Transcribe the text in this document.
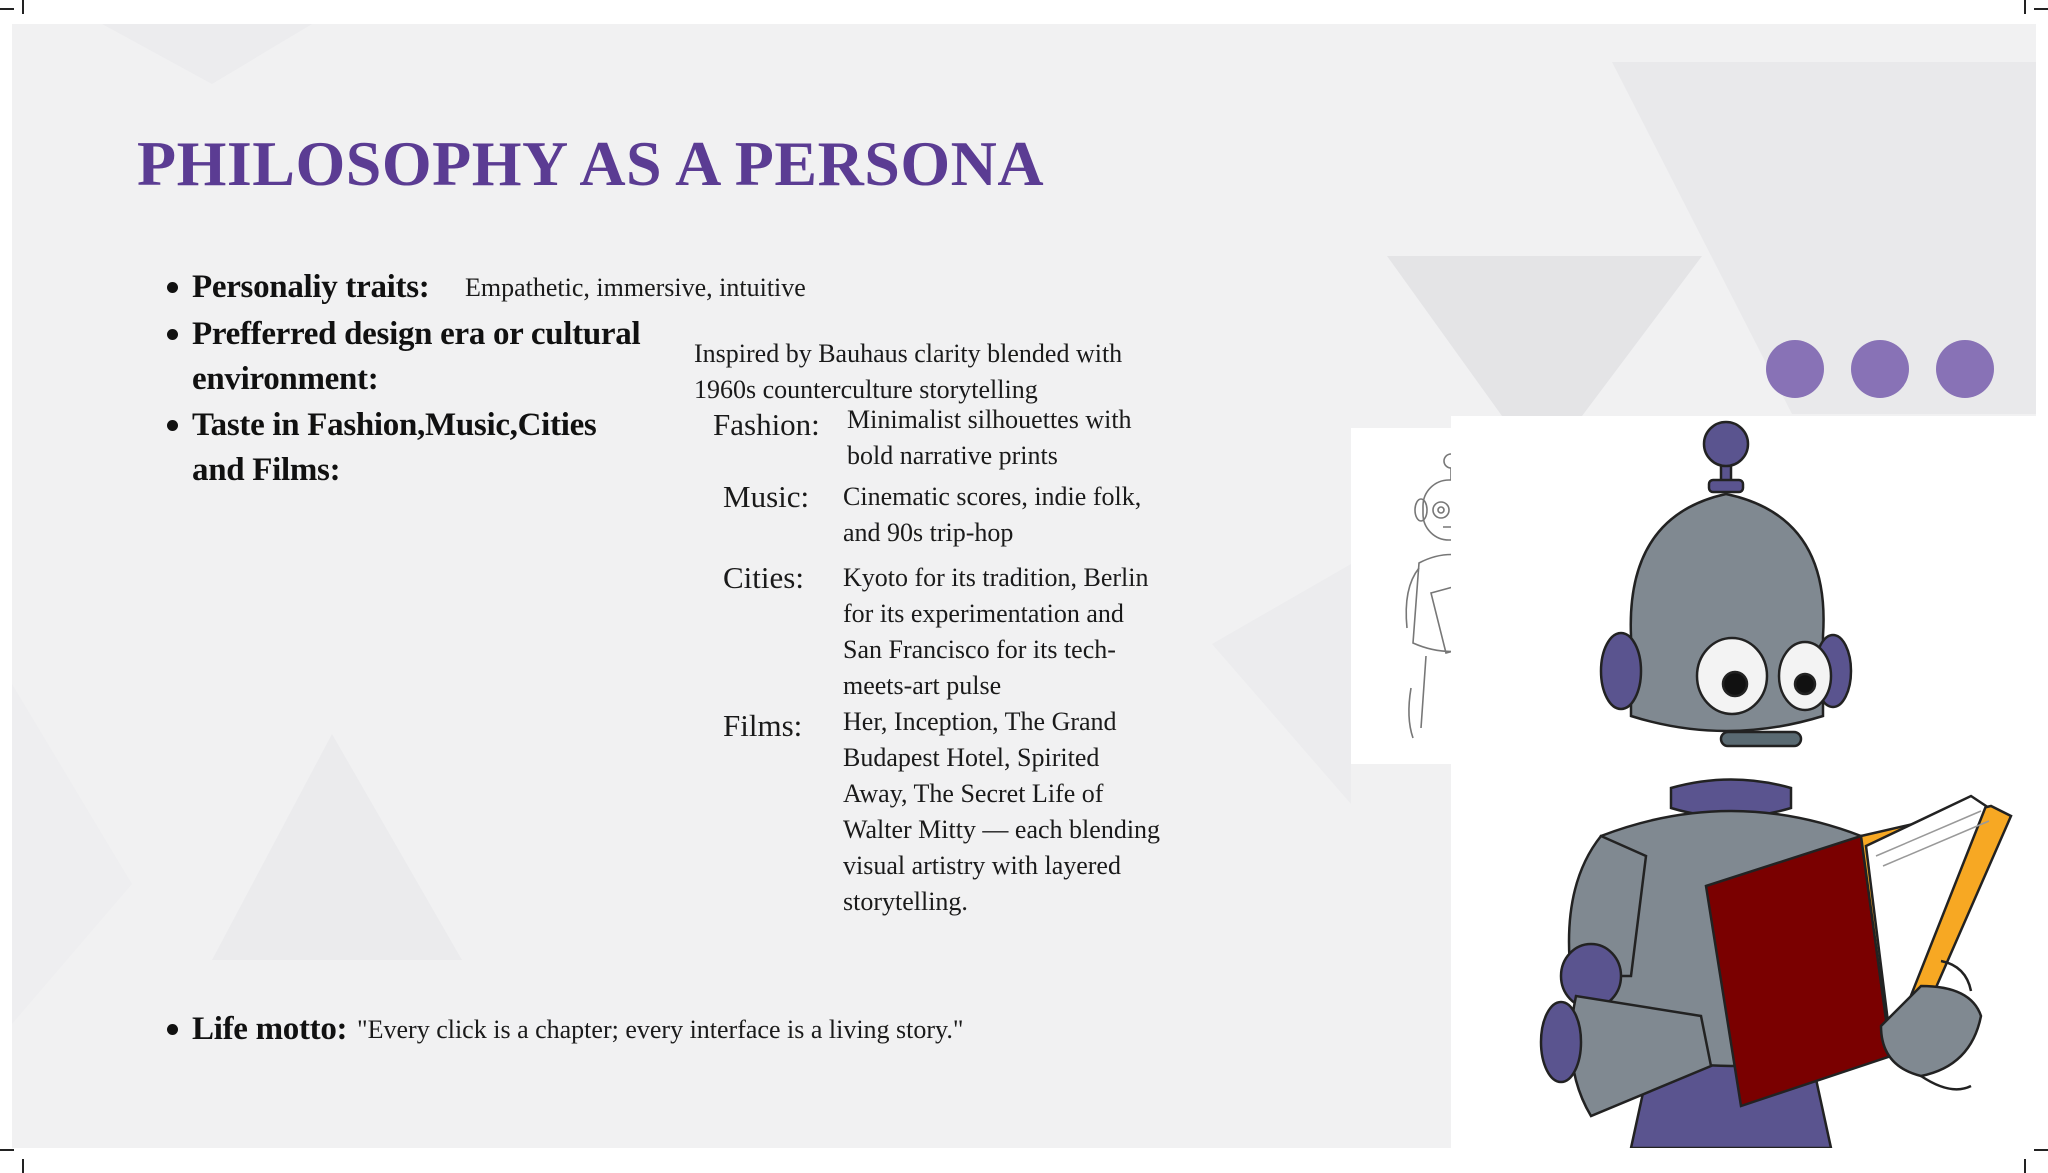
PHILOSOPHY AS A PERSONA
Personaliy traits: Empathetic, immersive, intuitive
Prefferred design era or cultural
environment:
Inspired by Bauhaus clarity blended with
1960s counterculture storytelling
Taste in Fashion,Music,Cities
and Films:
Fashion: Minimalist silhouettes with
bold narrative prints
Music: Cinematic scores, indie folk,
and 90s trip-hop
Cities: Kyoto for its tradition, Berlin
for its experimentation and
San Francisco for its tech-
meets-art pulse
Films: Her, Inception, The Grand
Budapest Hotel, Spirited
Away, The Secret Life of
Walter Mitty — each blending
visual artistry with layered
storytelling.
Life motto: "Every click is a chapter; every interface is a living story."
